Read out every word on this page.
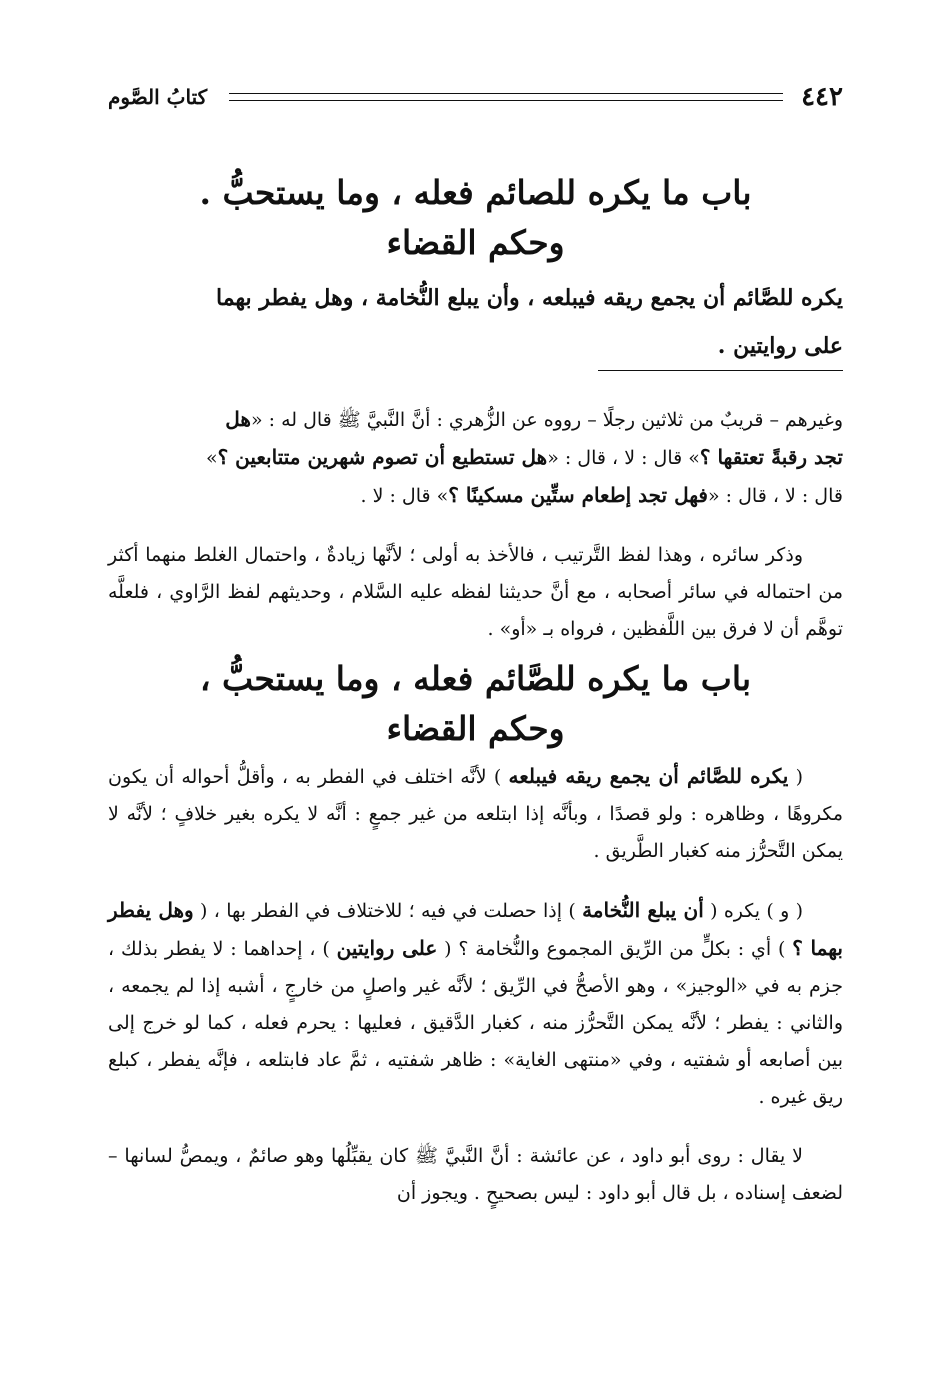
٤٤٢
كتابُ الصَّوم
باب ما يكره للصائم فعله ، وما يستحبُّ .
وحكم القضاء
يكره للصَّائم أن يجمع ريقه فيبلعه ، وأن يبلع النُّخامة ، وهل يفطر بهما
على روايتين .
وغيرهم – قريبٌ من ثلاثين رجلًا – رووه عن الزُّهري : أنَّ النَّبيَّ ﷺ قال له : «هل
تجد رقبةً تعتقها ؟» قال : لا ، قال : «هل تستطيع أن تصوم شهرين متتابعين ؟»
قال : لا ، قال : «فهل تجد إطعام ستِّين مسكينًا ؟» قال : لا .
وذكر سائره ، وهذا لفظ التَّرتيب ، فالأخذ به أولى ؛ لأنَّها زيادةٌ ، واحتمال الغلط منهما أكثر من احتماله في سائر أصحابه ، مع أنَّ حديثنا لفظه عليه السَّلام ، وحديثهم لفظ الرَّاوي ، فلعلَّه توهَّم أن لا فرق بين اللَّفظين ، فرواه بـ «أو» .
باب ما يكره للصَّائم فعله ، وما يستحبُّ ،
وحكم القضاء
( يكره للصَّائم أن يجمع ريقه فيبلعه ) لأنَّه اختلف في الفطر به ، وأقلُّ أحواله أن يكون مكروهًا ، وظاهره : ولو قصدًا ، وبأنَّه إذا ابتلعه من غير جمعٍ : أنَّه لا يكره بغير خلافٍ ؛ لأنَّه لا يمكن التَّحرُّز منه كغبار الطَّريق .
( و ) يكره ( أن يبلع النُّخامة ) إذا حصلت في فيه ؛ للاختلاف في الفطر بها ، ( وهل يفطر بهما ؟ ) أي : بكلٍّ من الرِّيق المجموع والنُّخامة ؟ ( على روايتين ) ، إحداهما : لا يفطر بذلك ، جزم به في «الوجيز» ، وهو الأصحُّ في الرِّيق ؛ لأنَّه غير واصلٍ من خارجٍ ، أشبه إذا لم يجمعه ، والثاني : يفطر ؛ لأنَّه يمكن التَّحرُّز منه ، كغبار الدَّقيق ، فعليها : يحرم فعله ، كما لو خرج إلى بين أصابعه أو شفتيه ، وفي «منتهى الغاية» : ظاهر شفتيه ، ثمَّ عاد فابتلعه ، فإنَّه يفطر ، كبلع ريق غيره .
لا يقال : روى أبو داود ، عن عائشة : أنَّ النَّبيَّ ﷺ كان يقبِّلُها وهو صائمٌ ، ويمصُّ لسانها – لضعف إسناده ، بل قال أبو داود : ليس بصحيحٍ . ويجوز أن
